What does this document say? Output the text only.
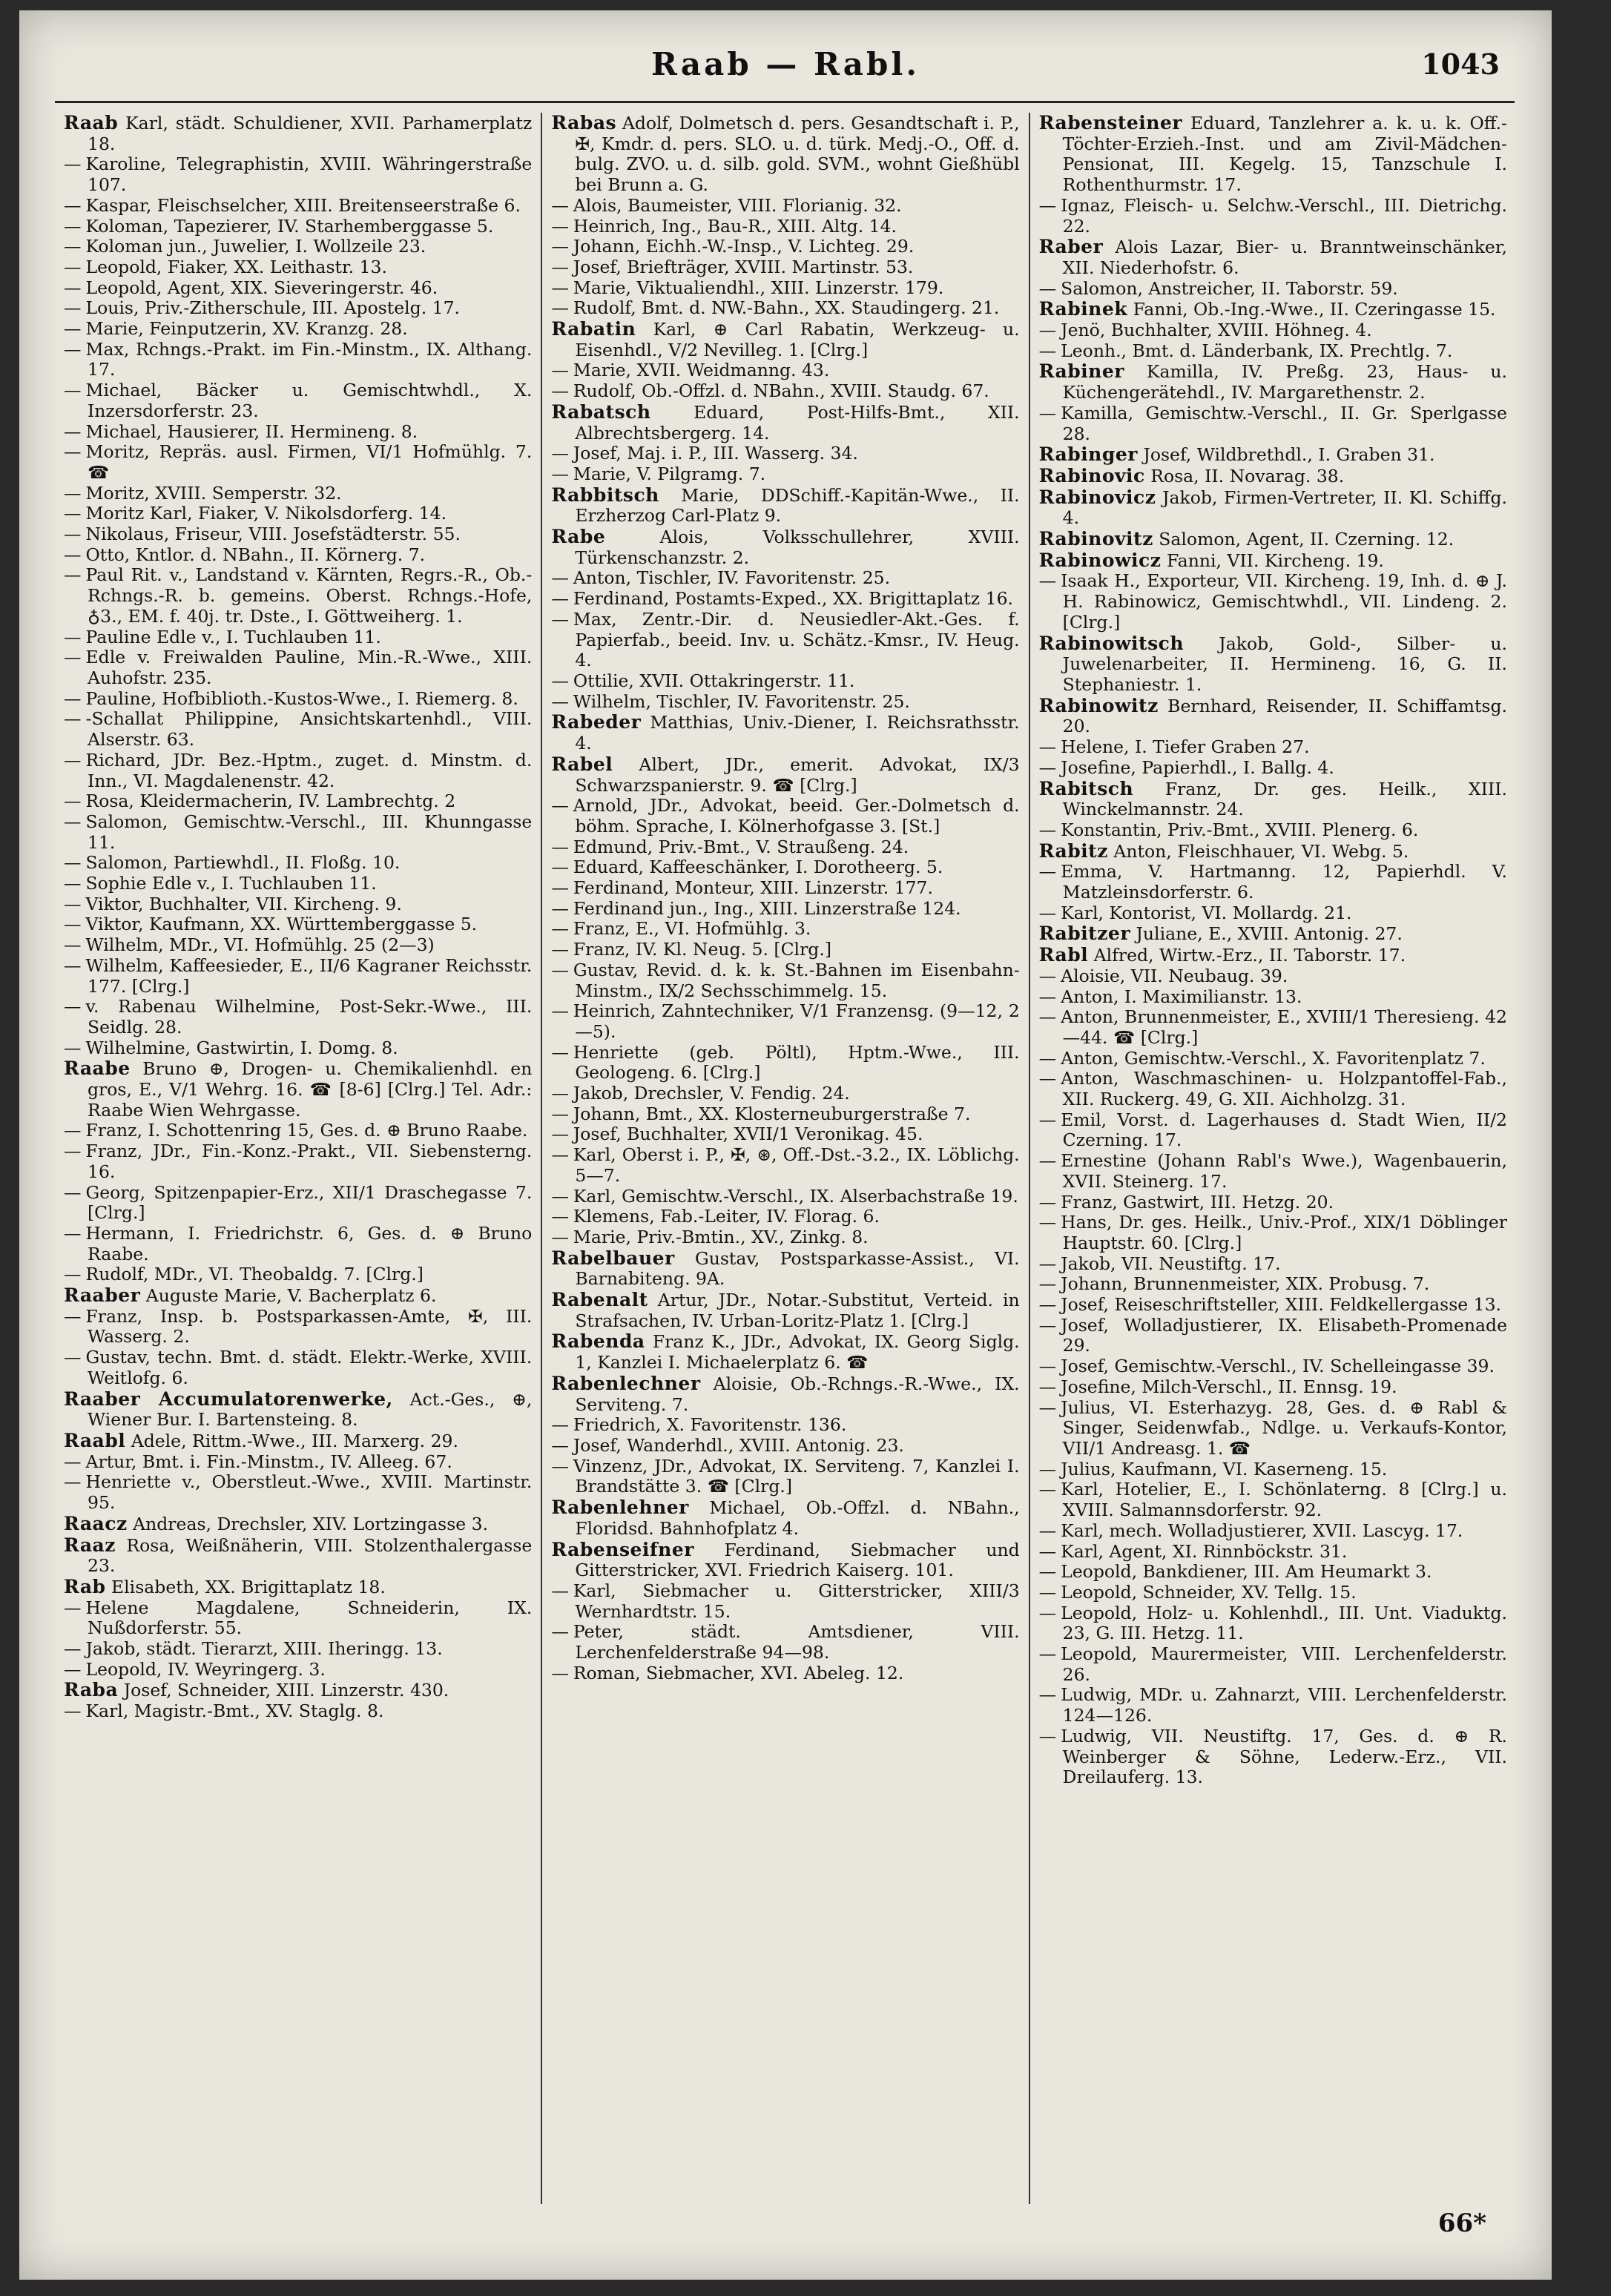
Raab — Rabl.	1043

Raab Karl, städt. Schuldiener, XVII. Parhamerplatz 18.

— Karoline, Telegraphistin, XVIII. Währingerstraße 107.

— Kaspar, Fleischselcher, XIII. Breitenseerstraße 6.

— Koloman, Tapezierer, IV. Starhemberggasse 5.

— Koloman jun., Juwelier, I. Wollzeile 23.

— Leopold, Fiaker, XX. Leithastr. 13.

— Leopold, Agent, XIX. Sieveringerstr. 46.

— Louis, Priv.-Zitherschule, III. Apostelg. 17.

— Marie, Feinputzerin, XV. Kranzg. 28.

— Max, Rchngs.-Prakt. im Fin.-Minstm., IX. Althang. 17.

— Michael, Bäcker u. Gemischtwhdl., X. Inzersdorferstr. 23.

— Michael, Hausierer, II. Hermineng. 8.

— Moritz, Repräs. ausl. Firmen, VI/1 Hofmühlg. 7. ☎

— Moritz, XVIII. Semperstr. 32.

— Moritz Karl, Fiaker, V. Nikolsdorferg. 14.

— Nikolaus, Friseur, VIII. Josefstädterstr. 55.

— Otto, Kntlor. d. NBahn., II. Körnerg. 7.

— Paul Rit. v., Landstand v. Kärnten, Regrs.-R., Ob.-Rchngs.-R. b. gemeins. Oberst. Rchngs.-Hofe, ♁3., EM. f. 40j. tr. Dste., I. Göttweiherg. 1.

— Pauline Edle v., I. Tuchlauben 11.

— Edle v. Freiwalden Pauline, Min.-R.-Wwe., XIII. Auhofstr. 235.

— Pauline, Hofbiblioth.-Kustos-Wwe., I. Riemerg. 8.

— -Schallat Philippine, Ansichtskartenhdl., VIII. Alserstr. 63.

— Richard, JDr. Bez.-Hptm., zuget. d. Minstm. d. Inn., VI. Magdalenenstr. 42.

— Rosa, Kleidermacherin, IV. Lambrechtg. 2

— Salomon, Gemischtw.-Verschl., III. Khunngasse 11.

— Salomon, Partiewhdl., II. Floßg. 10.

— Sophie Edle v., I. Tuchlauben 11.

— Viktor, Buchhalter, VII. Kircheng. 9.

— Viktor, Kaufmann, XX. Württemberggasse 5.

— Wilhelm, MDr., VI. Hofmühlg. 25 (2—3)

— Wilhelm, Kaffeesieder, E., II/6 Kagraner Reichsstr. 177. [Clrg.]

— v. Rabenau Wilhelmine, Post-Sekr.-Wwe., III. Seidlg. 28.

— Wilhelmine, Gastwirtin, I. Domg. 8.

Raabe Bruno ⊕, Drogen- u. Chemikalienhdl. en gros, E., V/1 Wehrg. 16. ☎ [8-6] [Clrg.] Tel. Adr.: Raabe Wien Wehrgasse.

— Franz, I. Schottenring 15, Ges. d. ⊕ Bruno Raabe.

— Franz, JDr., Fin.-Konz.-Prakt., VII. Siebensterng. 16.

— Georg, Spitzenpapier-Erz., XII/1 Draschegasse 7. [Clrg.]

— Hermann, I. Friedrichstr. 6, Ges. d. ⊕ Bruno Raabe.

— Rudolf, MDr., VI. Theobaldg. 7. [Clrg.]

Raaber Auguste Marie, V. Bacherplatz 6.

— Franz, Insp. b. Postsparkassen-Amte, ✠, III. Wasserg. 2.

— Gustav, techn. Bmt. d. städt. Elektr.-Werke, XVIII. Weitlofg. 6.

Raaber Accumulatorenwerke, Act.-Ges., ⊕, Wiener Bur. I. Bartensteing. 8.

Raabl Adele, Rittm.-Wwe., III. Marxerg. 29.

— Artur, Bmt. i. Fin.-Minstm., IV. Alleeg. 67.

— Henriette v., Oberstleut.-Wwe., XVIII. Martinstr. 95.

Raacz Andreas, Drechsler, XIV. Lortzingasse 3.

Raaz Rosa, Weißnäherin, VIII. Stolzenthalergasse 23.

Rab Elisabeth, XX. Brigittaplatz 18.

— Helene Magdalene, Schneiderin, IX. Nußdorferstr. 55.

— Jakob, städt. Tierarzt, XIII. Iheringg. 13.

— Leopold, IV. Weyringerg. 3.

Raba Josef, Schneider, XIII. Linzerstr. 430.

— Karl, Magistr.-Bmt., XV. Staglg. 8.

Rabas Adolf, Dolmetsch d. pers. Gesandtschaft i. P., ✠, Kmdr. d. pers. SLO. u. d. türk. Medj.-O., Off. d. bulg. ZVO. u. d. silb. gold. SVM., wohnt Gießhübl bei Brunn a. G.

— Alois, Baumeister, VIII. Florianig. 32.

— Heinrich, Ing., Bau-R., XIII. Altg. 14.

— Johann, Eichh.-W.-Insp., V. Lichteg. 29.

— Josef, Briefträger, XVIII. Martinstr. 53.

— Marie, Viktualiendhl., XIII. Linzerstr. 179.

— Rudolf, Bmt. d. NW.-Bahn., XX. Staudingerg. 21.

Rabatin Karl, ⊕ Carl Rabatin, Werkzeug- u. Eisenhdl., V/2 Nevilleg. 1. [Clrg.]

— Marie, XVII. Weidmanng. 43.

— Rudolf, Ob.-Offzl. d. NBahn., XVIII. Staudg. 67.

Rabatsch Eduard, Post-Hilfs-Bmt., XII. Albrechtsbergerg. 14.

— Josef, Maj. i. P., III. Wasserg. 34.

— Marie, V. Pilgramg. 7.

Rabbitsch Marie, DDSchiff.-Kapitän-Wwe., II. Erzherzog Carl-Platz 9.

Rabe	Alois, Volksschullehrer, XVIII. Türkenschanzstr. 2.

— Anton, Tischler, IV. Favoritenstr. 25.

— Ferdinand, Postamts-Exped., XX. Brigittaplatz 16.

— Max, Zentr.-Dir. d. Neusiedler-Akt.-Ges. f. Papierfab., beeid. Inv. u. Schätz.-Kmsr., IV. Heug. 4.

— Ottilie, XVII. Ottakringerstr. 11.

— Wilhelm, Tischler, IV. Favoritenstr. 25.

Rabeder Matthias, Univ.-Diener, I. Reichsrathsstr. 4.

Rabel Albert, JDr., emerit. Advokat, IX/3 Schwarzspanierstr. 9. ☎ [Clrg.]

— Arnold, JDr., Advokat, beeid. Ger.-Dolmetsch d. böhm. Sprache, I. Kölnerhofgasse 3. [St.]

— Edmund, Priv.-Bmt., V. Straußeng. 24.

— Eduard, Kaffeeschänker, I. Dorotheerg. 5.

— Ferdinand, Monteur, XIII. Linzerstr. 177.

— Ferdinand jun., Ing., XIII. Linzerstraße 124.

— Franz, E., VI. Hofmühlg. 3.

— Franz, IV. Kl. Neug. 5. [Clrg.]

— Gustav, Revid. d. k. k. St.-Bahnen im Eisenbahn-Minstm., IX/2 Sechsschimmelg. 15.

— Heinrich, Zahntechniker, V/1 Franzensg. (9—12, 2—5).

— Henriette (geb. Pöltl), Hptm.-Wwe., III. Geologeng. 6. [Clrg.]

— Jakob, Drechsler, V. Fendig. 24.

— Johann, Bmt., XX. Klosterneuburgerstraße 7.

— Josef, Buchhalter, XVII/1 Veronikag. 45.

— Karl, Oberst i. P., ✠, ⊛, Off.-Dst.-3.2., IX. Löblichg. 5—7.

— Karl, Gemischtw.-Verschl., IX. Alserbachstraße 19.

— Klemens, Fab.-Leiter, IV. Florag. 6.

— Marie, Priv.-Bmtin., XV., Zinkg. 8.

Rabelbauer Gustav, Postsparkasse-Assist., VI. Barnabiteng. 9A.

Rabenalt Artur, JDr., Notar.-Substitut, Verteid. in Strafsachen, IV. Urban-Loritz-Platz 1. [Clrg.]

Rabenda Franz K., JDr., Advokat, IX. Georg Siglg. 1, Kanzlei I. Michaelerplatz 6. ☎

Rabenlechner Aloisie, Ob.-Rchngs.-R.-Wwe., IX. Serviteng. 7.

— Friedrich, X. Favoritenstr. 136.

— Josef, Wanderhdl., XVIII. Antonig. 23.

— Vinzenz, JDr., Advokat, IX. Serviteng. 7, Kanzlei I. Brandstätte 3. ☎ [Clrg.]

Rabenlehner Michael, Ob.-Offzl. d. NBahn., Floridsd. Bahnhofplatz 4.

Rabenseifner Ferdinand, Siebmacher und Gitterstricker, XVI. Friedrich Kaiserg. 101.

— Karl, Siebmacher u. Gitterstricker, XIII/3 Wernhardtstr. 15.

— Peter, städt. Amtsdiener, VIII. Lerchenfelderstraße 94—98.

— Roman, Siebmacher, XVI. Abeleg. 12.

Rabensteiner Eduard, Tanzlehrer a. k. u. k. Off.-Töchter-Erzieh.-Inst. und am Zivil-Mädchen-Pensionat, III. Kegelg. 15, Tanzschule I. Rothenthurmstr. 17.

— Ignaz, Fleisch- u. Selchw.-Verschl., III. Dietrichg. 22.

Raber Alois Lazar, Bier- u. Branntweinschänker, XII. Niederhofstr. 6.

— Salomon, Anstreicher, II. Taborstr. 59.

Rabinek Fanni, Ob.-Ing.-Wwe., II. Czeringasse 15.

— Jenö, Buchhalter, XVIII. Höhneg. 4.

— Leonh., Bmt. d. Länderbank, IX. Prechtlg. 7.

Rabiner Kamilla, IV. Preßg. 23, Haus- u. Küchengerätehdl., IV. Margarethenstr. 2.

— Kamilla, Gemischtw.-Verschl., II. Gr. Sperlgasse 28.

Rabinger Josef, Wildbrethdl., I. Graben 31.

Rabinovic Rosa, II. Novarag. 38.

Rabinovicz Jakob, Firmen-Vertreter, II. Kl. Schiffg. 4.

Rabinovitz Salomon, Agent, II. Czerning. 12.

Rabinowicz Fanni, VII. Kircheng. 19.

— Isaak H., Exporteur, VII. Kircheng. 19, Inh. d. ⊕ J. H. Rabinowicz, Gemischtwhdl., VII. Lindeng. 2. [Clrg.]

Rabinowitsch Jakob, Gold-, Silber- u. Juwelenarbeiter, II. Hermineng. 16, G. II. Stephaniestr. 1.

Rabinowitz Bernhard, Reisender, II. Schiffamtsg. 20.

— Helene, I. Tiefer Graben 27.

— Josefine, Papierhdl., I. Ballg. 4.

Rabitsch Franz, Dr. ges. Heilk., XIII. Winckelmannstr. 24.

— Konstantin, Priv.-Bmt., XVIII. Plenerg. 6.

Rabitz Anton, Fleischhauer, VI. Webg. 5.

— Emma, V. Hartmanng. 12, Papierhdl. V. Matzleinsdorferstr. 6.

— Karl, Kontorist, VI. Mollardg. 21.

Rabitzer Juliane, E., XVIII. Antonig. 27.

Rabl Alfred, Wirtw.-Erz., II. Taborstr. 17.

— Aloisie, VII. Neubaug. 39.

— Anton, I. Maximilianstr. 13.

— Anton, Brunnenmeister, E., XVIII/1 Theresieng. 42—44. ☎ [Clrg.]

— Anton, Gemischtw.-Verschl., X. Favoritenplatz 7.

— Anton, Waschmaschinen- u. Holzpantoffel-Fab., XII. Ruckerg. 49, G. XII. Aichholzg. 31.

— Emil, Vorst. d. Lagerhauses d. Stadt Wien, II/2 Czerning. 17.

— Ernestine (Johann Rabl's Wwe.), Wagenbauerin, XVII. Steinerg. 17.

— Franz, Gastwirt, III. Hetzg. 20.

— Hans, Dr. ges. Heilk., Univ.-Prof., XIX/1 Döblinger Hauptstr. 60. [Clrg.]

— Jakob, VII. Neustiftg. 17.

— Johann, Brunnenmeister, XIX. Probusg. 7.

— Josef, Reiseschriftsteller, XIII. Feldkellergasse 13.

— Josef, Wolladjustierer, IX. Elisabeth-Promenade 29.

— Josef, Gemischtw.-Verschl., IV. Schelleingasse 39.

— Josefine, Milch-Verschl., II. Ennsg. 19.

— Julius, VI. Esterhazyg. 28, Ges. d. ⊕ Rabl & Singer, Seidenwfab., Ndlge. u. Verkaufs-Kontor, VII/1 Andreasg. 1. ☎

— Julius, Kaufmann, VI. Kaserneng. 15.

— Karl, Hotelier, E., I. Schönlaterng. 8 [Clrg.] u. XVIII. Salmannsdorferstr. 92.

— Karl, mech. Wolladjustierer, XVII. Lascyg. 17.

— Karl, Agent, XI. Rinnböckstr. 31.

— Leopold, Bankdiener, III. Am Heumarkt 3.

— Leopold, Schneider, XV. Tellg. 15.

— Leopold, Holz- u. Kohlenhdl., III. Unt. Viaduktg. 23, G. III. Hetzg. 11.

— Leopold, Maurermeister, VIII. Lerchenfelderstr. 26.

— Ludwig, MDr. u. Zahnarzt, VIII. Lerchenfelderstr. 124—126.

— Ludwig, VII. Neustiftg. 17, Ges. d. ⊕ R. Weinberger & Söhne, Lederw.-Erz., VII. Dreilauferg. 13.

66*
